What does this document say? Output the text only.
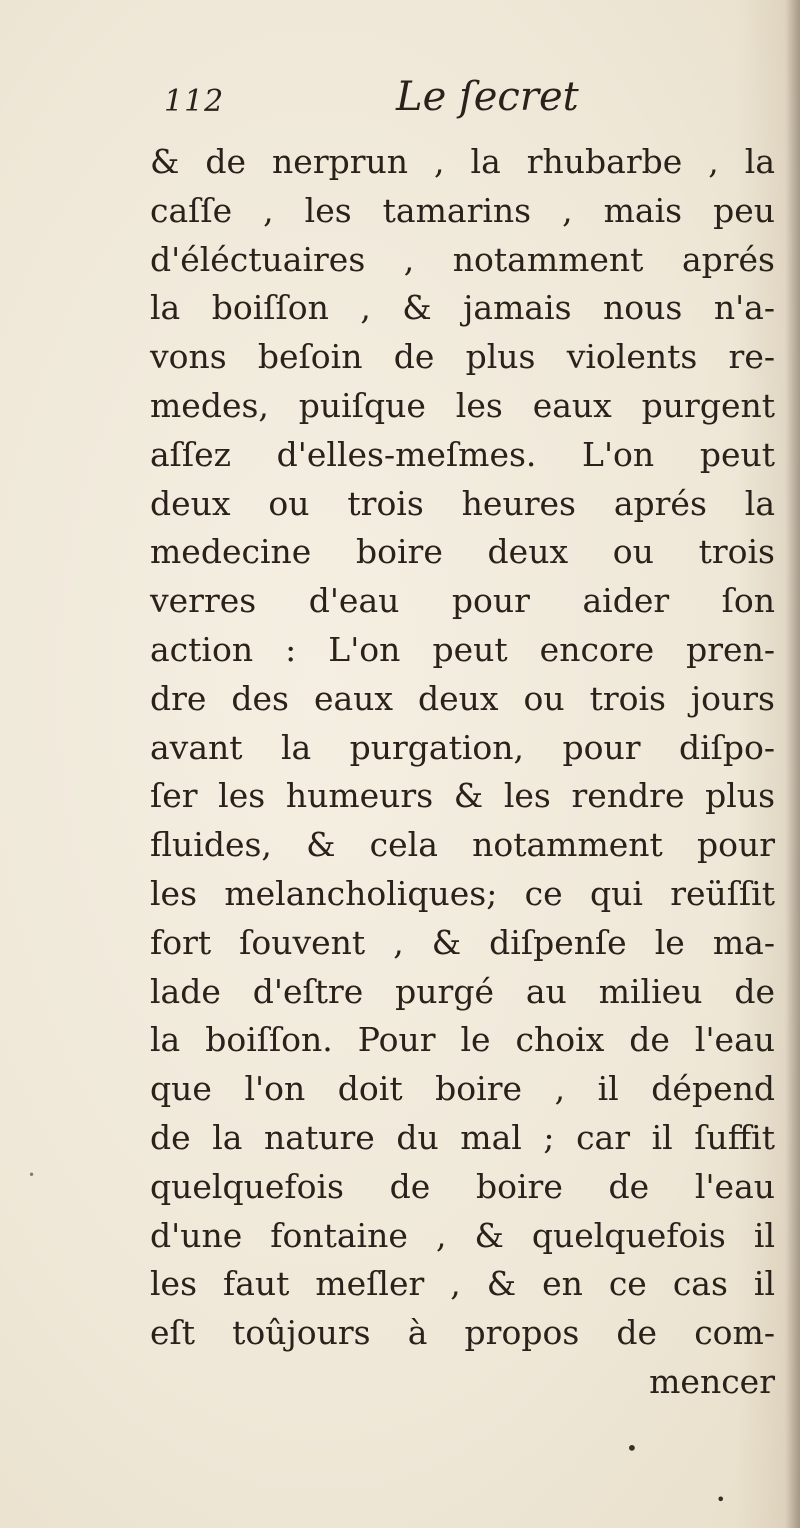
112	Le ſecret
& de nerprun , la rhubarbe , la
caſſe , les tamarins , mais peu
d'éléctuaires , notamment aprés
la boiſſon , & jamais nous n'a-
vons beſoin de plus violents re-
medes, puiſque les eaux purgent
aſſez d'elles-meſmes. L'on peut
deux ou trois heures aprés la
medecine boire deux ou trois
verres d'eau pour aider ſon
action : L'on peut encore pren-
dre des eaux deux ou trois jours
avant la purgation, pour diſpo-
ſer les humeurs & les rendre plus
fluides, & cela notamment pour
les melancholiques; ce qui reüſſit
fort ſouvent , & diſpenſe le ma-
lade d'eſtre purgé au milieu de
la boiſſon. Pour le choix de l'eau
que l'on doit boire , il dépend
de la nature du mal ; car il ſuffit
quelquefois de boire de l'eau
d'une fontaine , & quelquefois il
les faut meſler , & en ce cas il
eſt toûjours à propos de com-
mencer
•
•
•
